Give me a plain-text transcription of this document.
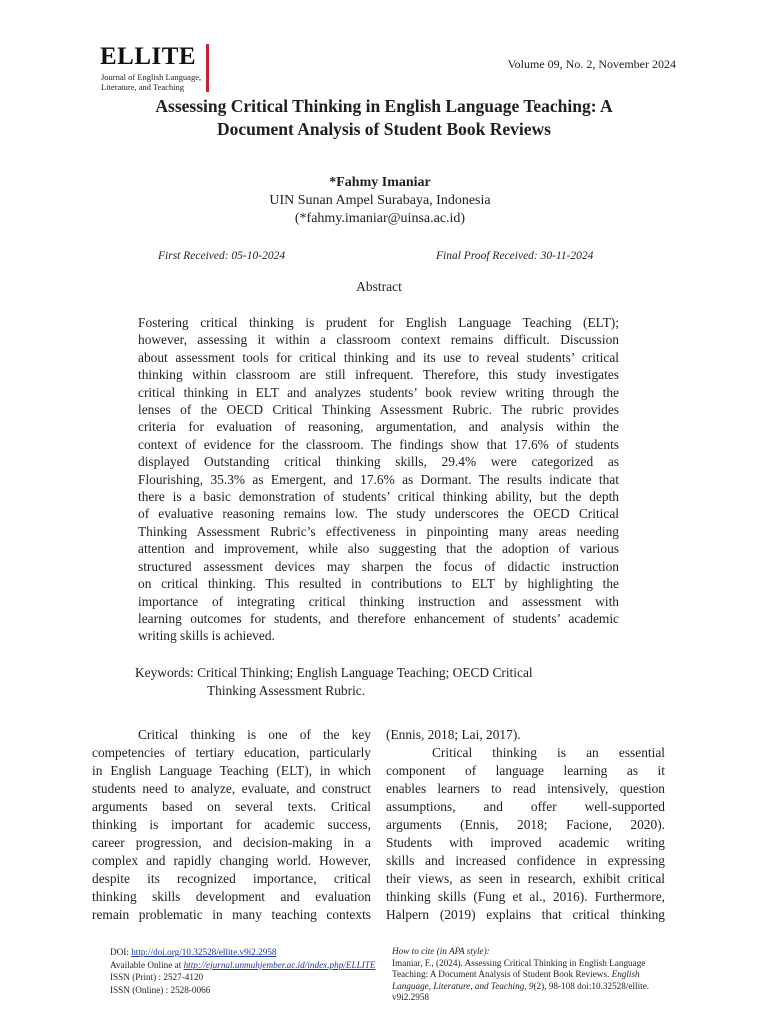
ELLITE
Journal of English Language,
Literature, and Teaching
Volume 09, No. 2, November 2024
Assessing Critical Thinking in English Language Teaching: A
Document Analysis of Student Book Reviews
*Fahmy Imaniar
UIN Sunan Ampel Surabaya, Indonesia
(*fahmy.imaniar@uinsa.ac.id)
First Received: 05-10-2024	Final Proof Received: 30-11-2024
Abstract
Fostering critical thinking is prudent for English Language Teaching (ELT);
however, assessing it within a classroom context remains difficult. Discussion
about assessment tools for critical thinking and its use to reveal students’ critical
thinking within classroom are still infrequent. Therefore, this study investigates
critical thinking in ELT and analyzes students’ book review writing through the
lenses of the OECD Critical Thinking Assessment Rubric. The rubric provides
criteria for evaluation of reasoning, argumentation, and analysis within the
context of evidence for the classroom. The findings show that 17.6% of students
displayed Outstanding critical thinking skills, 29.4% were categorized as
Flourishing, 35.3% as Emergent, and 17.6% as Dormant. The results indicate that
there is a basic demonstration of students’ critical thinking ability, but the depth
of evaluative reasoning remains low. The study underscores the OECD Critical
Thinking Assessment Rubric’s effectiveness in pinpointing many areas needing
attention and improvement, while also suggesting that the adoption of various
structured assessment devices may sharpen the focus of didactic instruction
on critical thinking. This resulted in contributions to ELT by highlighting the
importance of integrating critical thinking instruction and assessment with
learning outcomes for students, and therefore enhancement of students’ academic
writing skills is achieved.
Keywords: Critical Thinking; English Language Teaching; OECD Critical
Thinking Assessment Rubric.
Critical thinking is one of the key
competencies of tertiary education, particularly
in English Language Teaching (ELT), in which
students need to analyze, evaluate, and construct
arguments based on several texts. Critical
thinking is important for academic success,
career progression, and decision-making in a
complex and rapidly changing world. However,
despite its recognized importance, critical
thinking skills development and evaluation
remain problematic in many teaching contexts
(Ennis, 2018; Lai, 2017).
Critical thinking is an essential
component of language learning as it
enables learners to read intensively, question
assumptions, and offer well-supported
arguments (Ennis, 2018; Facione, 2020).
Students with improved academic writing
skills and increased confidence in expressing
their views, as seen in research, exhibit critical
thinking skills (Fung et al., 2016). Furthermore,
Halpern (2019) explains that critical thinking
DOI: http://doi.org/10.32528/ellite.v9i2.2958
Available Online at http://ejurnal.unmuhjember.ac.id/index.php/ELLITE
ISSN (Print) : 2527-4120
ISSN (Online) : 2528-0066
How to cite (in APA style):
Imaniar, F., (2024). Assessing Critical Thinking in English Language
Teaching: A Document Analysis of Student Book Reviews. English
Language, Literature, and Teaching, 9(2), 98-108 doi:10.32528/ellite.
v9i2.2958
